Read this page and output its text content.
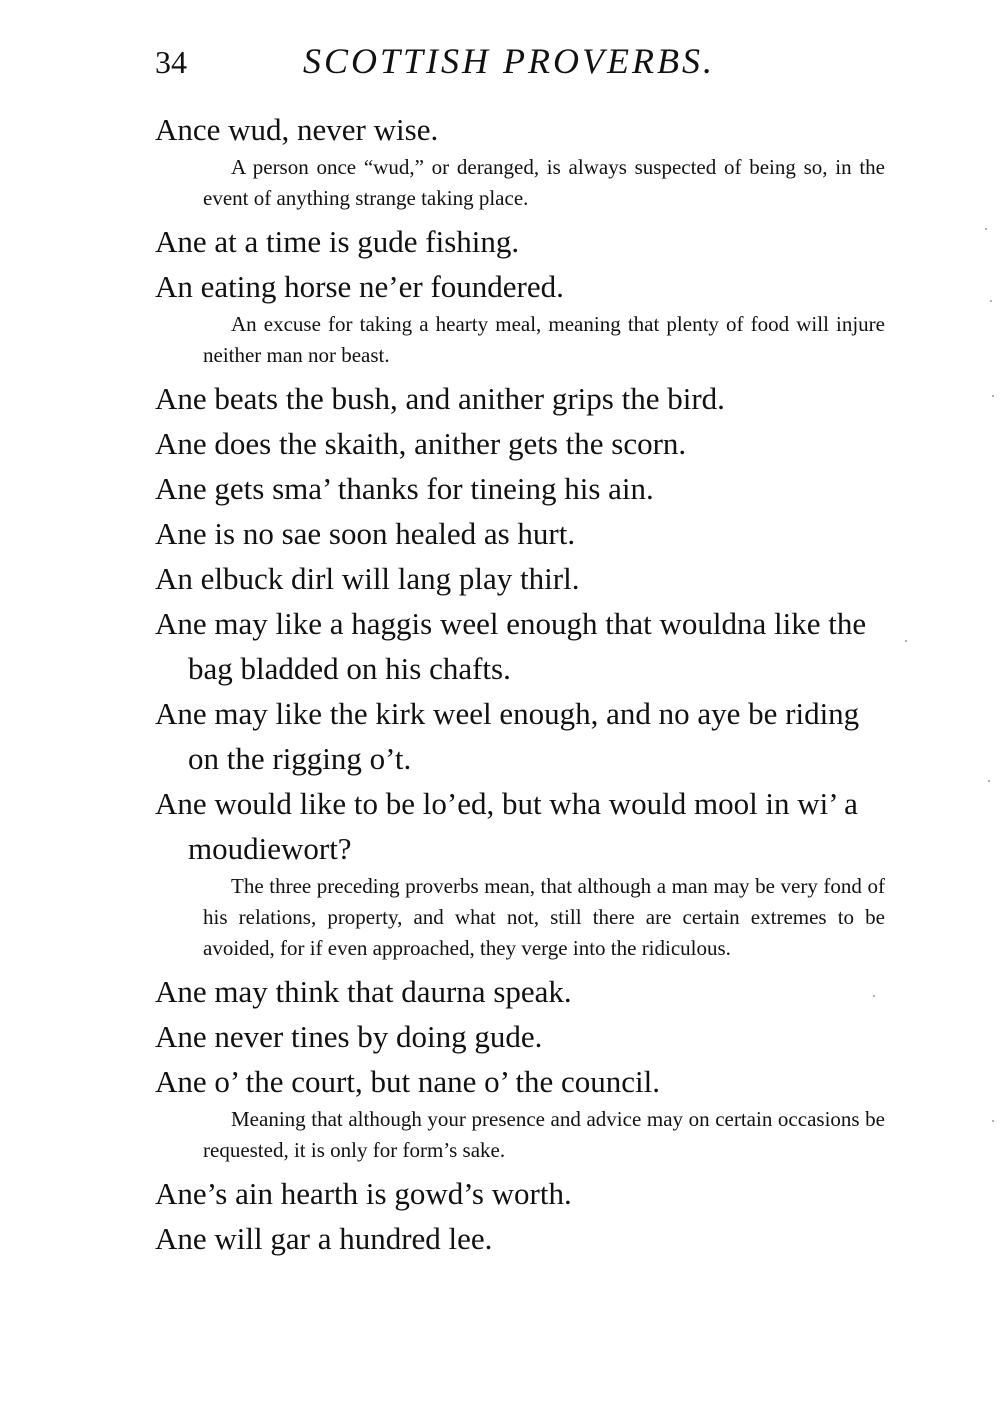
34	SCOTTISH PROVERBS.

Ance wud, never wise.

A person once “wud,” or deranged, is always suspected of being so, in the event of anything strange taking place.

Ane at a time is gude fishing.

An eating horse ne’er foundered.

An excuse for taking a hearty meal, meaning that plenty of food will injure neither man nor beast.

Ane beats the bush, and anither grips the bird.

Ane does the skaith, anither gets the scorn.

Ane gets sma’ thanks for tineing his ain.

Ane is no sae soon healed as hurt.

An elbuck dirl will lang play thirl.

Ane may like a haggis weel enough that wouldna like the bag bladded on his chafts.

Ane may like the kirk weel enough, and no aye be riding on the rigging o’t.

Ane would like to be lo’ed, but wha would mool in wi’ a moudiewort?

The three preceding proverbs mean, that although a man may be very fond of his relations, property, and what not, still there are certain extremes to be avoided, for if even approached, they verge into the ridiculous.

Ane may think that daurna speak.

Ane never tines by doing gude.

Ane o’ the court, but nane o’ the council.

Meaning that although your presence and advice may on certain occasions be requested, it is only for form’s sake.

Ane’s ain hearth is gowd’s worth.

Ane will gar a hundred lee.
